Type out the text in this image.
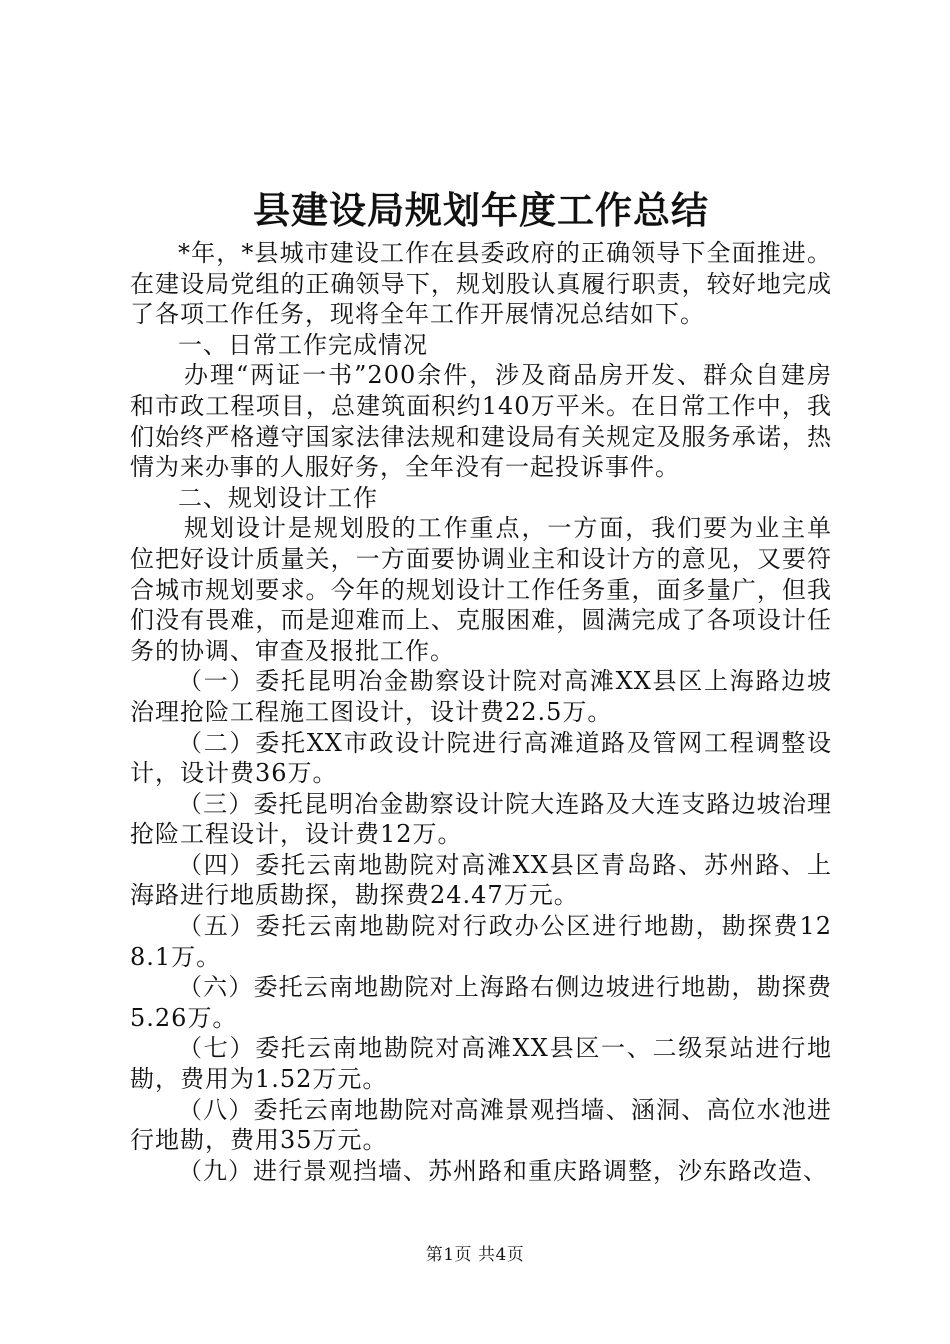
县建设局规划年度工作总结

*年，*县城市建设工作在县委政府的正确领导下全面推进。在建设局党组的正确领导下，规划股认真履行职责，较好地完成了各项工作任务，现将全年工作开展情况总结如下。

一、日常工作完成情况

办理“两证一书”200余件，涉及商品房开发、群众自建房和市政工程项目，总建筑面积约140万平米。在日常工作中，我们始终严格遵守国家法律法规和建设局有关规定及服务承诺，热情为来办事的人服好务，全年没有一起投诉事件。

二、规划设计工作

规划设计是规划股的工作重点，一方面，我们要为业主单位把好设计质量关，一方面要协调业主和设计方的意见，又要符合城市规划要求。今年的规划设计工作任务重，面多量广，但我们没有畏难，而是迎难而上、克服困难，圆满完成了各项设计任务的协调、审查及报批工作。

（一）委托昆明冶金勘察设计院对高滩XX县区上海路边坡治理抢险工程施工图设计，设计费22.5万。

（二）委托XX市政设计院进行高滩道路及管网工程调整设计，设计费36万。

（三）委托昆明冶金勘察设计院大连路及大连支路边坡治理抢险工程设计，设计费12万。

（四）委托云南地勘院对高滩XX县区青岛路、苏州路、上海路进行地质勘探，勘探费24.47万元。

（五）委托云南地勘院对行政办公区进行地勘，勘探费128.1万。

（六）委托云南地勘院对上海路右侧边坡进行地勘，勘探费5.26万。

（七）委托云南地勘院对高滩XX县区一、二级泵站进行地勘，费用为1.52万元。

（八）委托云南地勘院对高滩景观挡墙、涵洞、高位水池进行地勘，费用35万元。

（九）进行景观挡墙、苏州路和重庆路调整，沙东路改造、

第1页 共4页
